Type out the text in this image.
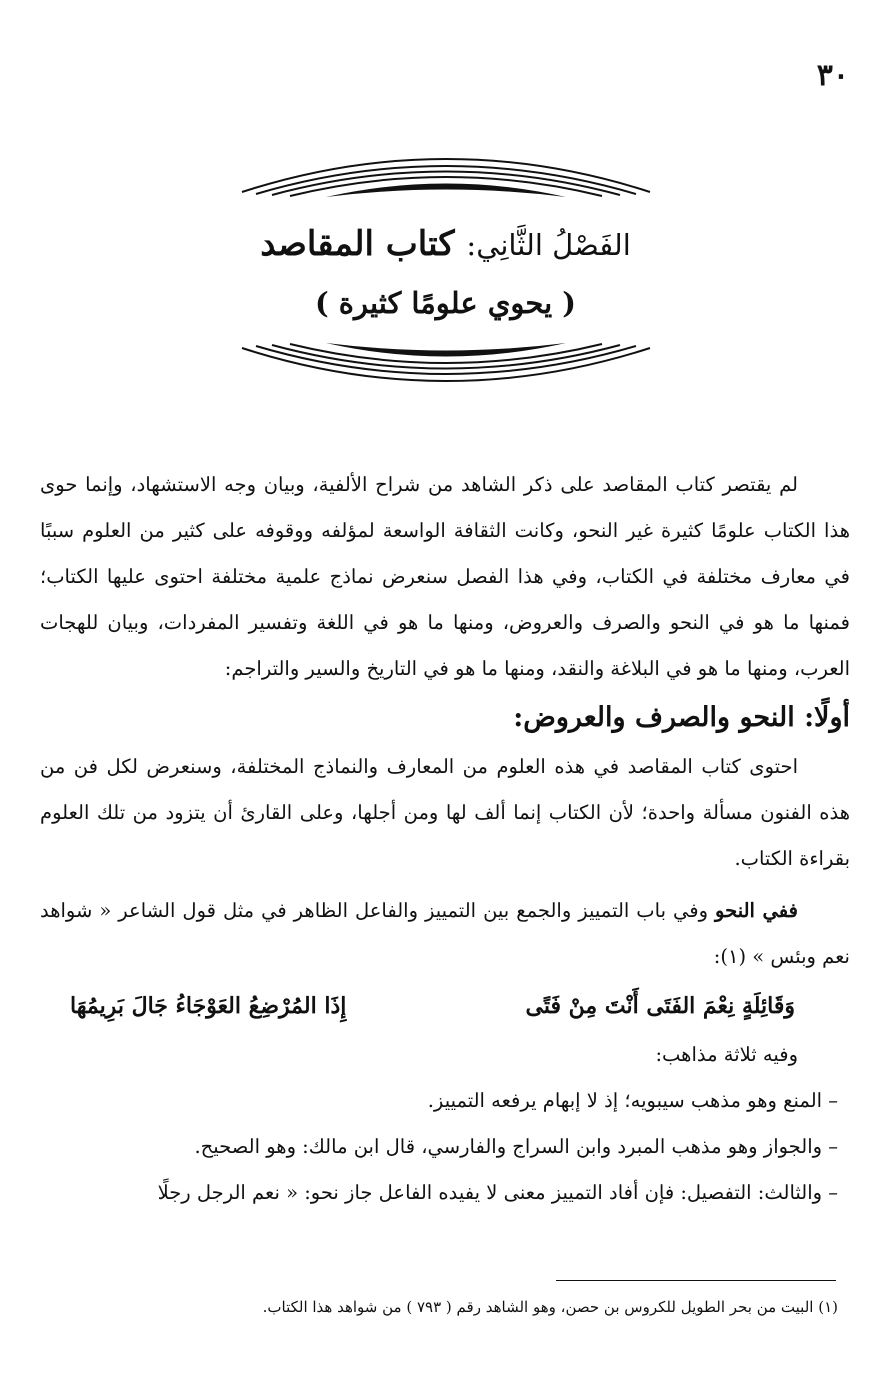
٣٠
الفَصْلُ الثَّانِي: كتاب المقاصد
( يحوي علومًا كثيرة )

لم يقتصر كتاب المقاصد على ذكر الشاهد من شراح الألفية، وبيان وجه الاستشهاد، وإنما حوى هذا الكتاب علومًا كثيرة غير النحو، وكانت الثقافة الواسعة لمؤلفه ووقوفه على كثير من العلوم سببًا في معارف مختلفة في الكتاب، وفي هذا الفصل سنعرض نماذج علمية مختلفة احتوى عليها الكتاب؛ فمنها ما هو في النحو والصرف والعروض، ومنها ما هو في اللغة وتفسير المفردات، وبيان للهجات العرب، ومنها ما هو في البلاغة والنقد، ومنها ما هو في التاريخ والسير والتراجم:

أولًا: النحو والصرف والعروض:

احتوى كتاب المقاصد في هذه العلوم من المعارف والنماذج المختلفة، وسنعرض لكل فن من هذه الفنون مسألة واحدة؛ لأن الكتاب إنما ألف لها ومن أجلها، وعلى القارئ أن يتزود من تلك العلوم بقراءة الكتاب.

ففي النحو وفي باب التمييز والجمع بين التمييز والفاعل الظاهر في مثل قول الشاعر « شواهد نعم وبئس » (١):

وَقَائِلَةٍ نِعْمَ الفَتَى أَنْتَ مِنْ فَتًى
إِذَا المُرْضِعُ العَوْجَاءُ جَالَ بَرِيمُهَا

وفيه ثلاثة مذاهب:

– المنع وهو مذهب سيبويه؛ إذ لا إبهام يرفعه التمييز.

– والجواز وهو مذهب المبرد وابن السراج والفارسي، قال ابن مالك: وهو الصحيح.

– والثالث: التفصيل: فإن أفاد التمييز معنى لا يفيده الفاعل جاز نحو: « نعم الرجل رجلًا

(١) البيت من بحر الطويل للكروس بن حصن، وهو الشاهد رقم ( ٧٩٣ ) من شواهد هذا الكتاب.
